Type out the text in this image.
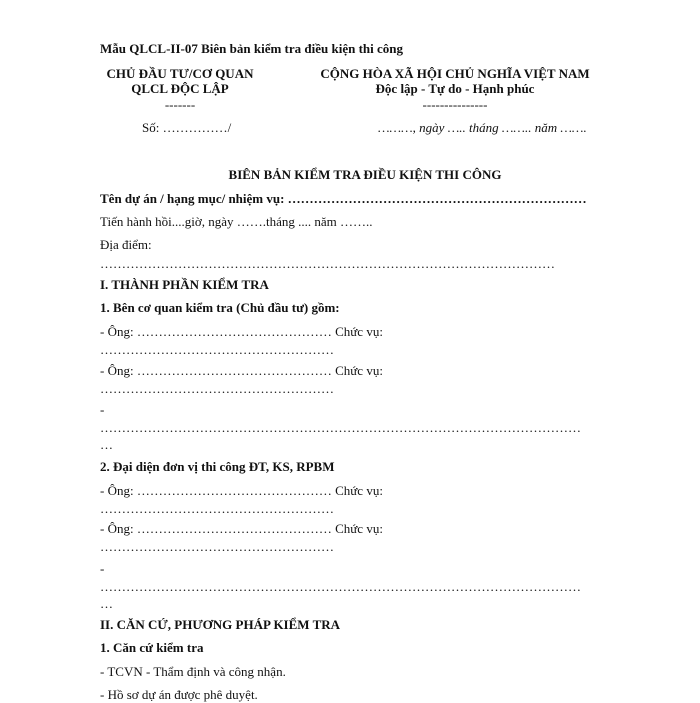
Mẫu QLCL-II-07 Biên bản kiểm tra điều kiện thi công
CHỦ ĐẦU TƯ/CƠ QUAN
QLCL ĐỘC LẬP
-------
Số: ……………/
CỘNG HÒA XÃ HỘI CHỦ NGHĨA VIỆT NAM
Độc lập - Tự do - Hạnh phúc
---------------
………, ngày ….. tháng …….. năm …….
BIÊN BẢN KIỂM TRA ĐIỀU KIỆN THI CÔNG
Tên dự án / hạng mục/ nhiệm vụ: ……………………………………………………………
Tiến hành hồi....giờ, ngày …….tháng .... năm ……..
Địa điểm:
……………………………………………………………………………………………
I. THÀNH PHẦN KIỂM TRA
1. Bên cơ quan kiểm tra (Chủ đầu tư) gồm:
- Ông: ……………………………………… Chức vụ:
………………………………………………
- Ông: ……………………………………… Chức vụ:
………………………………………………
-
…………………………………………………………………………………………………
…
2. Đại diện đơn vị thi công ĐT, KS, RPBM
- Ông: ……………………………………… Chức vụ:
………………………………………………
- Ông: ……………………………………… Chức vụ:
………………………………………………
-
…………………………………………………………………………………………………
…
II. CĂN CỨ, PHƯƠNG PHÁP KIỂM TRA
1. Căn cứ kiểm tra
- TCVN - Thẩm định và công nhận.
- Hồ sơ dự án được phê duyệt.
